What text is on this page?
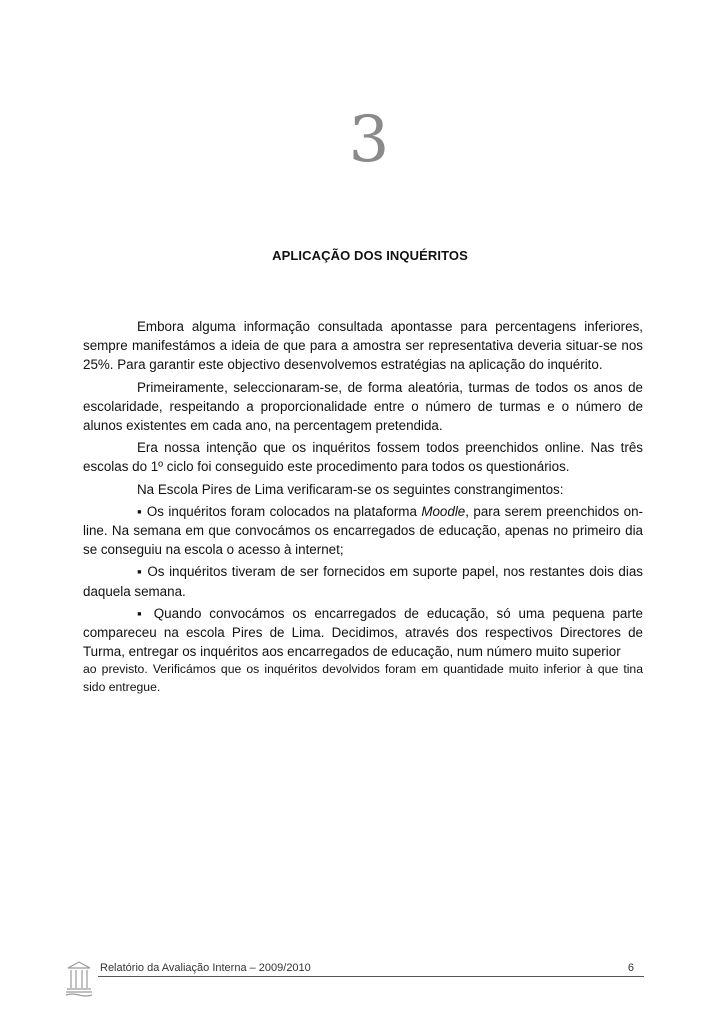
3
APLICAÇÃO DOS INQUÉRITOS

Embora alguma informação consultada apontasse para percentagens inferiores, sempre manifestámos a ideia de que para a amostra ser representativa deveria situar-se nos 25%. Para garantir este objectivo desenvolvemos estratégias na aplicação do inquérito.

Primeiramente, seleccionaram-se, de forma aleatória, turmas de todos os anos de escolaridade, respeitando a proporcionalidade entre o número de turmas e o número de alunos existentes em cada ano, na percentagem pretendida.

Era nossa intenção que os inquéritos fossem todos preenchidos online. Nas três escolas do 1º ciclo foi conseguido este procedimento para todos os questionários.

Na Escola Pires de Lima verificaram-se os seguintes constrangimentos:

▪ Os inquéritos foram colocados na plataforma Moodle, para serem preenchidos on-line. Na semana em que convocámos os encarregados de educação, apenas no primeiro dia se conseguiu na escola o acesso à internet;

▪ Os inquéritos tiveram de ser fornecidos em suporte papel, nos restantes dois dias daquela semana.

▪ Quando convocámos os encarregados de educação, só uma pequena parte compareceu na escola Pires de Lima. Decidimos, através dos respectivos Directores de Turma, entregar os inquéritos aos encarregados de educação, num número muito superior

ao previsto. Verificámos que os inquéritos devolvidos foram em quantidade muito inferior à que tina sido entregue.

Relatório da Avaliação Interna – 2009/2010	6
